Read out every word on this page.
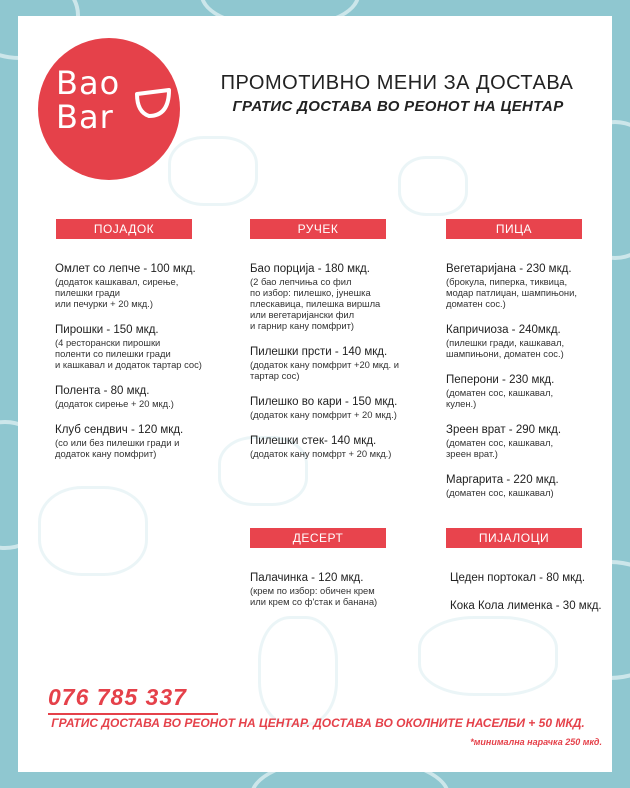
Bao
Bar
ПРОМОТИВНО МЕНИ ЗА ДОСТАВА
ГРАТИС ДОСТАВА ВО РЕОНОТ НА ЦЕНТАР
ПОЈАДОК	РУЧЕК	ПИЦА
ДЕСЕРТ	ПИЈАЛОЦИ
Омлет со лепче - 100 мкд.
(додаток кашкавал, сирење,
пилешки гради
или печурки + 20 мкд.)
Пирошки - 150 мкд.
(4 ресторански пирошки
поленти со пилешки гради
и кашкавал и додаток тартар сос)
Полента - 80 мкд.
(додаток сирење + 20 мкд.)
Клуб сендвич - 120 мкд.
(со или без пилешки гради и
додаток кану помфрит)
Бао порција - 180 мкд.
(2 бао лепчиња со фил
по избор: пилешко, јунешка
плескавица, пилешка виршла
или вегетаријански фил
и гарнир кану помфрит)
Пилешки прсти - 140 мкд.
(додаток кану помфрит +20 мкд. и
тартар сос)
Пилешко во кари - 150 мкд.
(додаток кану помфрит + 20 мкд.)
Пилешки стек- 140 мкд.
(додаток кану помфрт + 20 мкд.)
Вегетаријана - 230 мкд.
(брокула, пиперка, тиквица,
модар патлиџан, шампињони,
доматен сос.)
Капричиоза - 240мкд.
(пилешки гради, кашкавал,
шампињони, доматен сос.)
Пеперони - 230 мкд.
(доматен сос, кашкавал,
кулен.)
Зреен врат - 290 мкд.
(доматен сос, кашкавал,
зреен врат.)
Маргарита - 220 мкд.
(доматен сос, кашкавал)
Палачинка - 120 мкд.
(крем по избор: обичен крем
или крем со ф'стак и банана)
Цеден портокал - 80 мкд.
Кока Кола лименка - 30 мкд.
076 785 337
ГРАТИС ДОСТАВА ВО РЕОНОТ НА ЦЕНТАР. ДОСТАВА ВО ОКОЛНИТЕ НАСЕЛБИ + 50 МКД.
*минимална нарачка 250 мкд.
